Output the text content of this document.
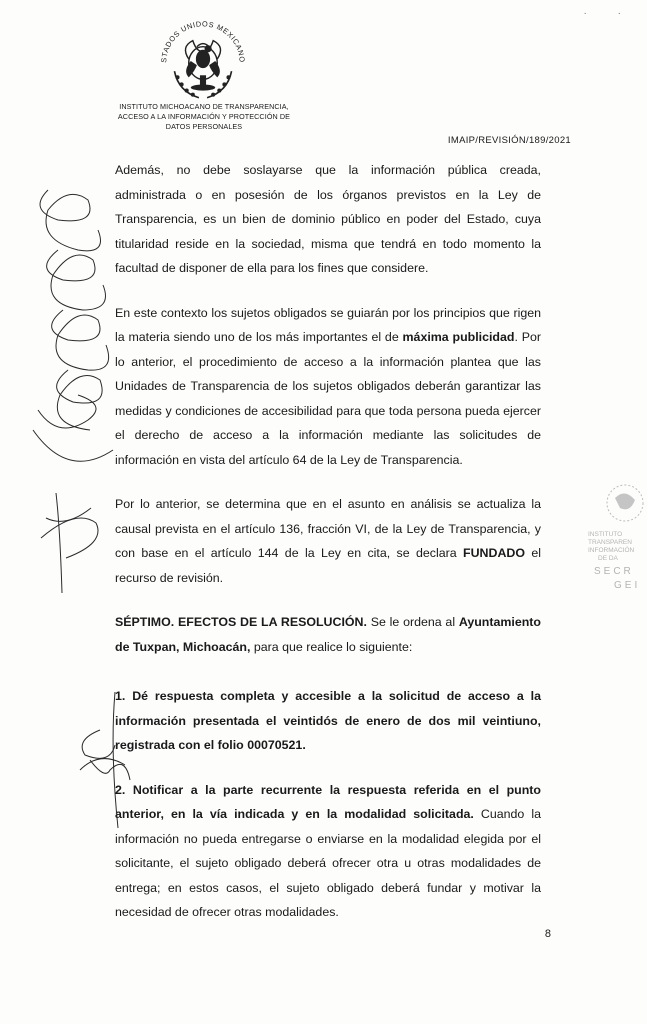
· ·
STADOS UNIDOS MEXICANO
INSTITUTO MICHOACANO DE TRANSPARENCIA,
ACCESO A LA INFORMACIÓN Y PROTECCIÓN DE
DATOS PERSONALES
IMAIP/REVISIÓN/189/2021

Además, no debe soslayarse que la información pública creada, administrada o en posesión de los órganos previstos en la Ley de Transparencia, es un bien de dominio público en poder del Estado, cuya titularidad reside en la sociedad, misma que tendrá en todo momento la facultad de disponer de ella para los fines que considere.

En este contexto los sujetos obligados se guiarán por los principios que rigen la materia siendo uno de los más importantes el de máxima publicidad. Por lo anterior, el procedimiento de acceso a la información plantea que las Unidades de Transparencia de los sujetos obligados deberán garantizar las medidas y condiciones de accesibilidad para que toda persona pueda ejercer el derecho de acceso a la información mediante las solicitudes de información en vista del artículo 64 de la Ley de Transparencia.

Por lo anterior, se determina que en el asunto en análisis se actualiza la causal prevista en el artículo 136, fracción VI, de la Ley de Transparencia, y con base en el artículo 144 de la Ley en cita, se declara FUNDADO el recurso de revisión.

SÉPTIMO. EFECTOS DE LA RESOLUCIÓN. Se le ordena al Ayuntamiento de Tuxpan, Michoacán, para que realice lo siguiente:

1. Dé respuesta completa y accesible a la solicitud de acceso a la información presentada el veintidós de enero de dos mil veintiuno, registrada con el folio 00070521.

2. Notificar a la parte recurrente la respuesta referida en el punto anterior, en la vía indicada y en la modalidad solicitada. Cuando la información no pueda entregarse o enviarse en la modalidad elegida por el solicitante, el sujeto obligado deberá ofrecer otra u otras modalidades de entrega; en estos casos, el sujeto obligado deberá fundar y motivar la necesidad de ofrecer otras modalidades.

8
INSTITUTO
TRANSPAREN
INFORMACIÓN
DE DA
SECR
GEI
